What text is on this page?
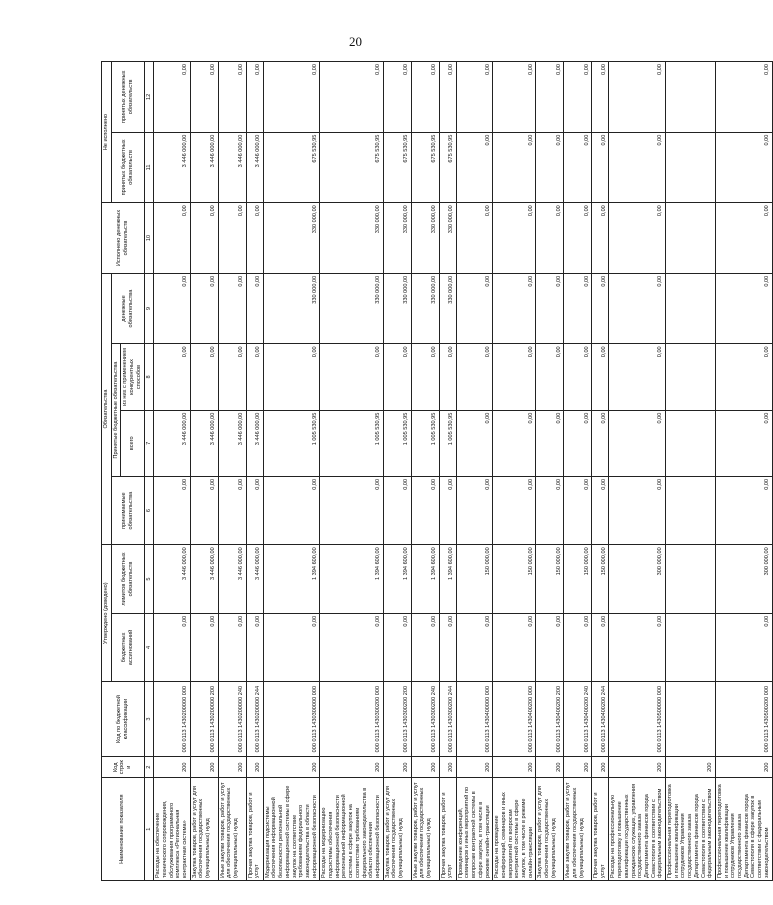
20
Наименование показателя	Код строки	Код по бюджетной классификации	Утверждено (доведено)		Обязательства				Исполнено денежных обязательств	Не исполнено	
			бюджетных ассигнований	лимитов бюджетных обязательств	принимаемые обязательства	Принятые бюджетные обязательства		денежные обязательства		принятых бюджетных обязательств	принятых денежных обязательств
						всего	из них с применением конкурентных способов				
1	2	3	4	5	6	7	8	9	10	11	12
Расходы на обеспечение технического сопровождения, обслуживания программного комплекса «Региональная контрактная система»	200	000 0113 1430200000 000	0,00	3 446 000,00	0,00	3 446 000,00	0,00	0,00	0,00	3 446 000,00	0,00
Закупка товаров, работ и услуг для обеспечения государственных (муниципальных) нужд	200	000 0113 1430200000 200	0,00	3 446 000,00	0,00	3 446 000,00	0,00	0,00	0,00	3 446 000,00	0,00
Иные закупки товаров, работ и услуг для обеспечения государственных (муниципальных) нужд	200	000 0113 1430200000 240	0,00	3 446 000,00	0,00	3 446 000,00	0,00	0,00	0,00	3 446 000,00	0,00
Прочая закупка товаров, работ и услуг	200	000 0113 1430200000 244	0,00	3 446 000,00	0,00	3 446 000,00	0,00	0,00	0,00	3 446 000,00	0,00
Модернизация подсистемы обеспечения информационной безопасности региональной информационной системы в сфере закупок на соответствие требованиям федерального законодательства в области информационной безопасности	200	000 0113 1430300000 000	0,00	1 394 600,00	0,00	1 005 530,95	0,00	330 000,00	330 000,00	675 530,95	0,00
Расходы на модернизацию подсистемы обеспечения информационной безопасности региональной информационной системы в сфере закупок на соответствие требованиям федерального законодательства в области обеспечения информационной безопасности	200	000 0113 1430300200 000	0,00	1 394 600,00	0,00	1 005 530,95	0,00	330 000,00	330 000,00	675 530,95	0,00
Закупка товаров, работ и услуг для обеспечения государственных (муниципальных) нужд	200	000 0113 1430300200 200	0,00	1 394 600,00	0,00	1 005 530,95	0,00	330 000,00	330 000,00	675 530,95	0,00
Иные закупки товаров, работ и услуг для обеспечения государственных (муниципальных) нужд	200	000 0113 1430300200 240	0,00	1 394 600,00	0,00	1 005 530,95	0,00	330 000,00	330 000,00	675 530,95	0,00
Прочая закупка товаров, работ и услуг	200	000 0113 1430300200 244	0,00	1 394 600,00	0,00	1 005 530,95	0,00	330 000,00	330 000,00	675 530,95	0,00
Проведение конференций, семинаров и иных мероприятий по вопросам контрактной системы в сфере закупок, в том числе в режиме онлайн-трансляции	200	000 0113 1430400000 000	0,00	150 000,00	0,00	0,00	0,00	0,00	0,00	0,00	0,00
Расходы на проведение конференций, семинаров и иных мероприятий по вопросам контрактной системы в сфере закупок, в том числе в режиме онлайн-трансляции	200	000 0113 1430400200 000	0,00	150 000,00	0,00	0,00	0,00	0,00	0,00	0,00	0,00
Закупка товаров, работ и услуг для обеспечения государственных (муниципальных) нужд	200	000 0113 1430400200 200	0,00	150 000,00	0,00	0,00	0,00	0,00	0,00	0,00	0,00
Иные закупки товаров, работ и услуг для обеспечения государственных (муниципальных) нужд	200	000 0113 1430400200 240	0,00	150 000,00	0,00	0,00	0,00	0,00	0,00	0,00	0,00
Прочая закупка товаров, работ и услуг	200	000 0113 1430400200 244	0,00	150 000,00	0,00	0,00	0,00	0,00	0,00	0,00	0,00
Расходы на профессиональную переподготовку и повышение квалификации государственных гражданских служащих, управления государственного заказа Департамента финансов города Севастополя в соответствии с федеральным законодательством	200	000 0113 1430500000 000	0,00	300 000,00	0,00	0,00	0,00	0,00	0,00	0,00	0,00
Профессиональная переподготовка и повышение квалификации сотрудников Управления государственного заказа Департамента финансов города Севастополя в соответствии с федеральным законодательством	200										
Профессиональная переподготовка и повышение квалификации сотрудников Управления государственного заказа Департамента финансов города Севастополя в сфере закупок в соответствии с федеральным законодательством	200	000 0113 1430500200 000	0,00	300 000,00	0,00	0,00	0,00	0,00	0,00	0,00	0,00
